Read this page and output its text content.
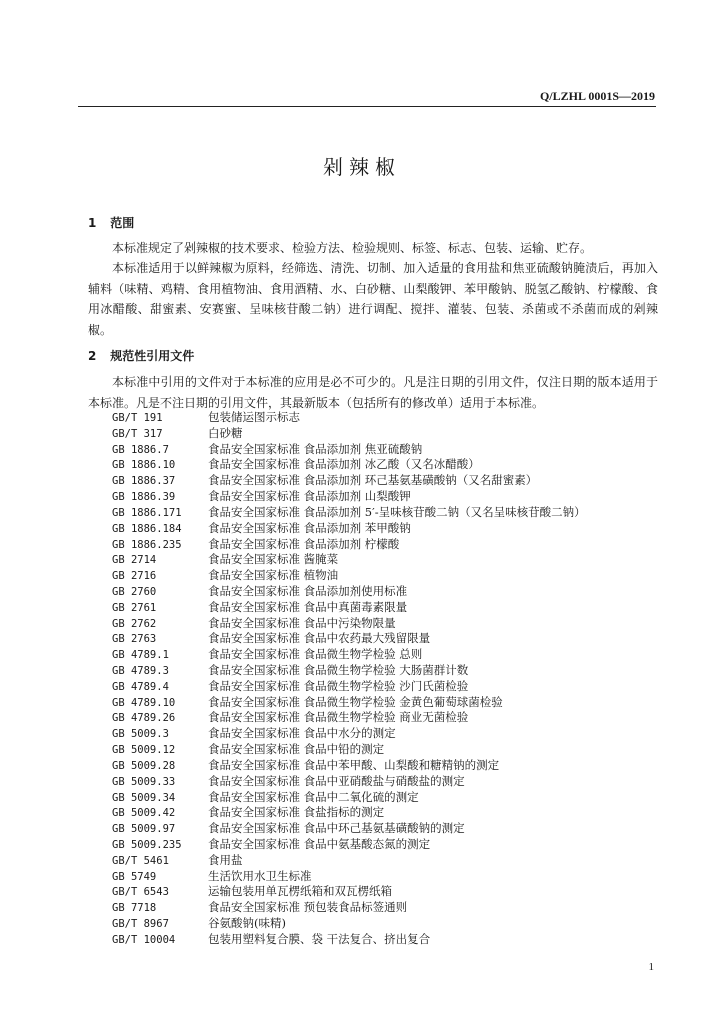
Q/LZHL 0001S—2019
剁辣椒
1 范围
本标准规定了剁辣椒的技术要求、检验方法、检验规则、标签、标志、包装、运输、贮存。
本标准适用于以鲜辣椒为原料，经筛选、清洗、切制、加入适量的食用盐和焦亚硫酸钠腌渍后，再加入辅料（味精、鸡精、食用植物油、食用酒精、水、白砂糖、山梨酸钾、苯甲酸钠、脱氢乙酸钠、柠檬酸、食用冰醋酸、甜蜜素、安赛蜜、呈味核苷酸二钠）进行调配、搅拌、灌装、包装、杀菌或不杀菌而成的剁辣椒。
2 规范性引用文件
本标准中引用的文件对于本标准的应用是必不可少的。凡是注日期的引用文件，仅注日期的版本适用于本标准。凡是不注日期的引用文件，其最新版本（包括所有的修改单）适用于本标准。
GB/T 191	包装储运图示标志
GB/T 317	白砂糖
GB 1886.7	食品安全国家标准 食品添加剂 焦亚硫酸钠
GB 1886.10	食品安全国家标准 食品添加剂 冰乙酸（又名冰醋酸）
GB 1886.37	食品安全国家标准 食品添加剂 环己基氨基磺酸钠（又名甜蜜素）
GB 1886.39	食品安全国家标准 食品添加剂 山梨酸钾
GB 1886.171 食品安全国家标准 食品添加剂 5′-呈味核苷酸二钠（又名呈味核苷酸二钠）
GB 1886.184 食品安全国家标准 食品添加剂 苯甲酸钠
GB 1886.235 食品安全国家标准 食品添加剂 柠檬酸
GB 2714	食品安全国家标准 酱腌菜
GB 2716	食品安全国家标准 植物油
GB 2760	食品安全国家标准 食品添加剂使用标准
GB 2761	食品安全国家标准 食品中真菌毒素限量
GB 2762	食品安全国家标准 食品中污染物限量
GB 2763	食品安全国家标准 食品中农药最大残留限量
GB 4789.1	食品安全国家标准 食品微生物学检验 总则
GB 4789.3	食品安全国家标准 食品微生物学检验 大肠菌群计数
GB 4789.4	食品安全国家标准 食品微生物学检验 沙门氏菌检验
GB 4789.10	食品安全国家标准 食品微生物学检验 金黄色葡萄球菌检验
GB 4789.26	食品安全国家标准 食品微生物学检验 商业无菌检验
GB 5009.3	食品安全国家标准 食品中水分的测定
GB 5009.12	食品安全国家标准 食品中铅的测定
GB 5009.28	食品安全国家标准 食品中苯甲酸、山梨酸和糖精钠的测定
GB 5009.33	食品安全国家标准 食品中亚硝酸盐与硝酸盐的测定
GB 5009.34	食品安全国家标准 食品中二氧化硫的测定
GB 5009.42	食品安全国家标准 食盐指标的测定
GB 5009.97	食品安全国家标准 食品中环己基氨基磺酸钠的测定
GB 5009.235 食品安全国家标准 食品中氨基酸态氮的测定
GB/T 5461	食用盐
GB 5749	生活饮用水卫生标准
GB/T 6543	运输包装用单瓦楞纸箱和双瓦楞纸箱
GB 7718	食品安全国家标准 预包装食品标签通则
GB/T 8967	谷氨酸钠(味精)
GB/T 10004	包装用塑料复合膜、袋 干法复合、挤出复合
1
